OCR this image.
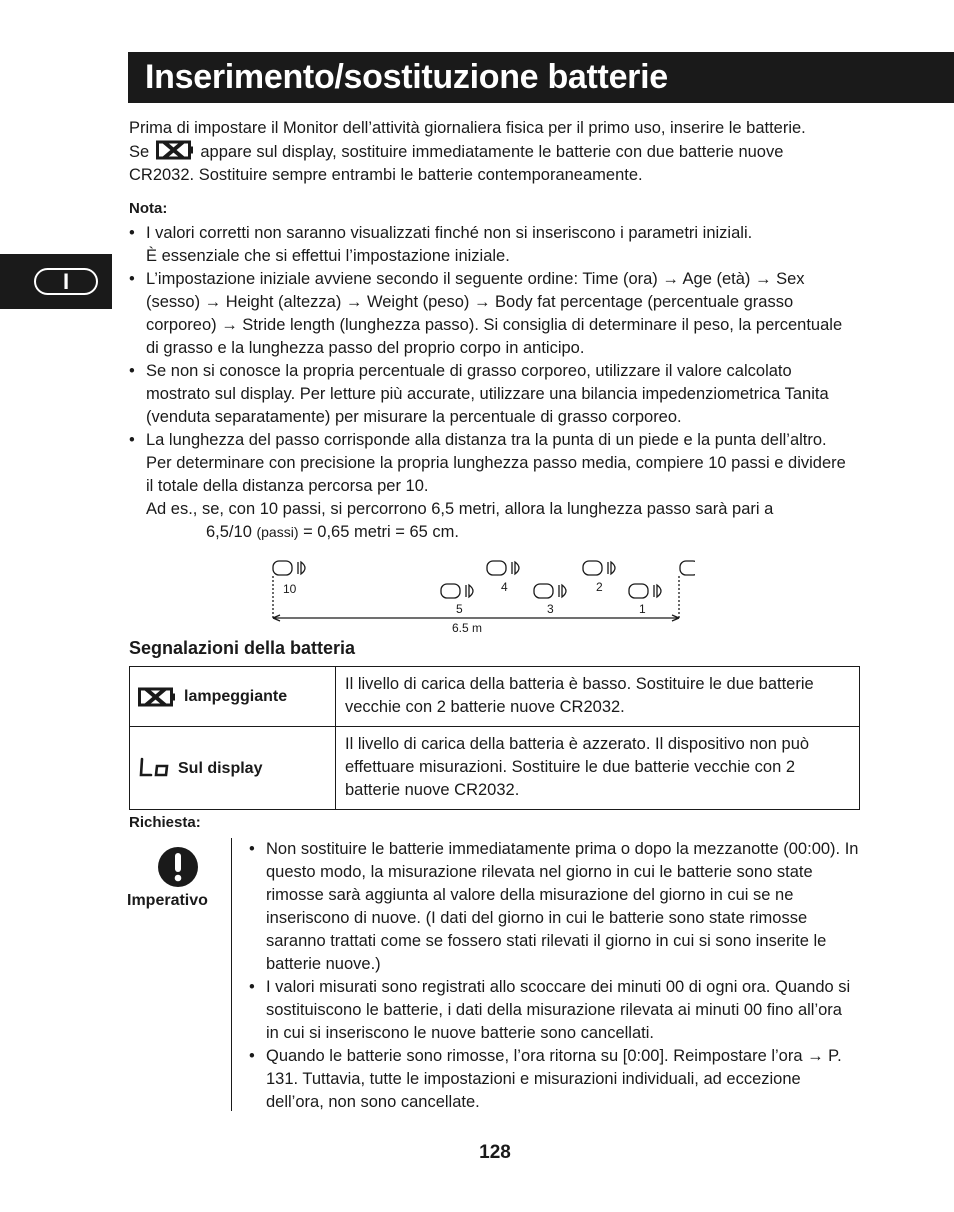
Inserimento/sostituzione batterie
I
Prima di impostare il Monitor dell’attività giornaliera fisica per il primo uso, inserire le batterie.
Se	appare sul display, sostituire immediatamente le batterie con due batterie nuove
CR2032. Sostituire sempre entrambi le batterie contemporaneamente.
Nota:
• I valori corretti non saranno visualizzati finché non si inseriscono i parametri iniziali.
È essenziale che si effettui l’impostazione iniziale.
• L’impostazione iniziale avviene secondo il seguente ordine: Time (ora) → Age (età) → Sex (sesso) → Height (altezza) → Weight (peso) → Body fat percentage (percentuale grasso corporeo) → Stride length (lunghezza passo). Si consiglia di determinare il peso, la percentuale di grasso e la lunghezza passo del proprio corpo in anticipo.
• Se non si conosce la propria percentuale di grasso corporeo, utilizzare il valore calcolato mostrato sul display. Per letture più accurate, utilizzare una bilancia impedenziometrica Tanita (venduta separatamente) per misurare la percentuale di grasso corporeo.
• La lunghezza del passo corrisponde alla distanza tra la punta di un piede e la punta dell’altro. Per determinare con precisione la propria lunghezza passo media, compiere 10 passi e dividere il totale della distanza percorsa per 10.
Ad es., se, con 10 passi, si percorrono 6,5 metri, allora la lunghezza passo sarà pari a

6,5/10 (passi) = 0,65 metri = 65 cm.
10	4	2
5	3	1
6.5 m
Segnalazioni della batteria
lampeggiante	Il livello di carica della batteria è basso. Sostituire le due batterie vecchie con 2 batterie nuove CR2032.

Sul display	Il livello di carica della batteria è azzerato. Il dispositivo non può effettuare misurazioni. Sostituire le due batterie vecchie con 2 batterie nuove CR2032.
Richiesta:
Imperativo
• Non sostituire le batterie immediatamente prima o dopo la mezzanotte (00:00). In questo modo, la misurazione rilevata nel giorno in cui le batterie sono state rimosse sarà aggiunta al valore della misurazione del giorno in cui se ne inseriscono di nuove. (I dati del giorno in cui le batterie sono state rimosse saranno trattati come se fossero stati rilevati il giorno in cui si sono inserite le batterie nuove.)
• I valori misurati sono registrati allo scoccare dei minuti 00 di ogni ora. Quando si sostituiscono le batterie, i dati della misurazione rilevata ai minuti 00 fino all’ora in cui si inseriscono le nuove batterie sono cancellati.
• Quando le batterie sono rimosse, l’ora ritorna su [0:00]. Reimpostare l’ora → P. 131. Tuttavia, tutte le impostazioni e misurazioni individuali, ad eccezione dell’ora, non sono cancellate.
128
